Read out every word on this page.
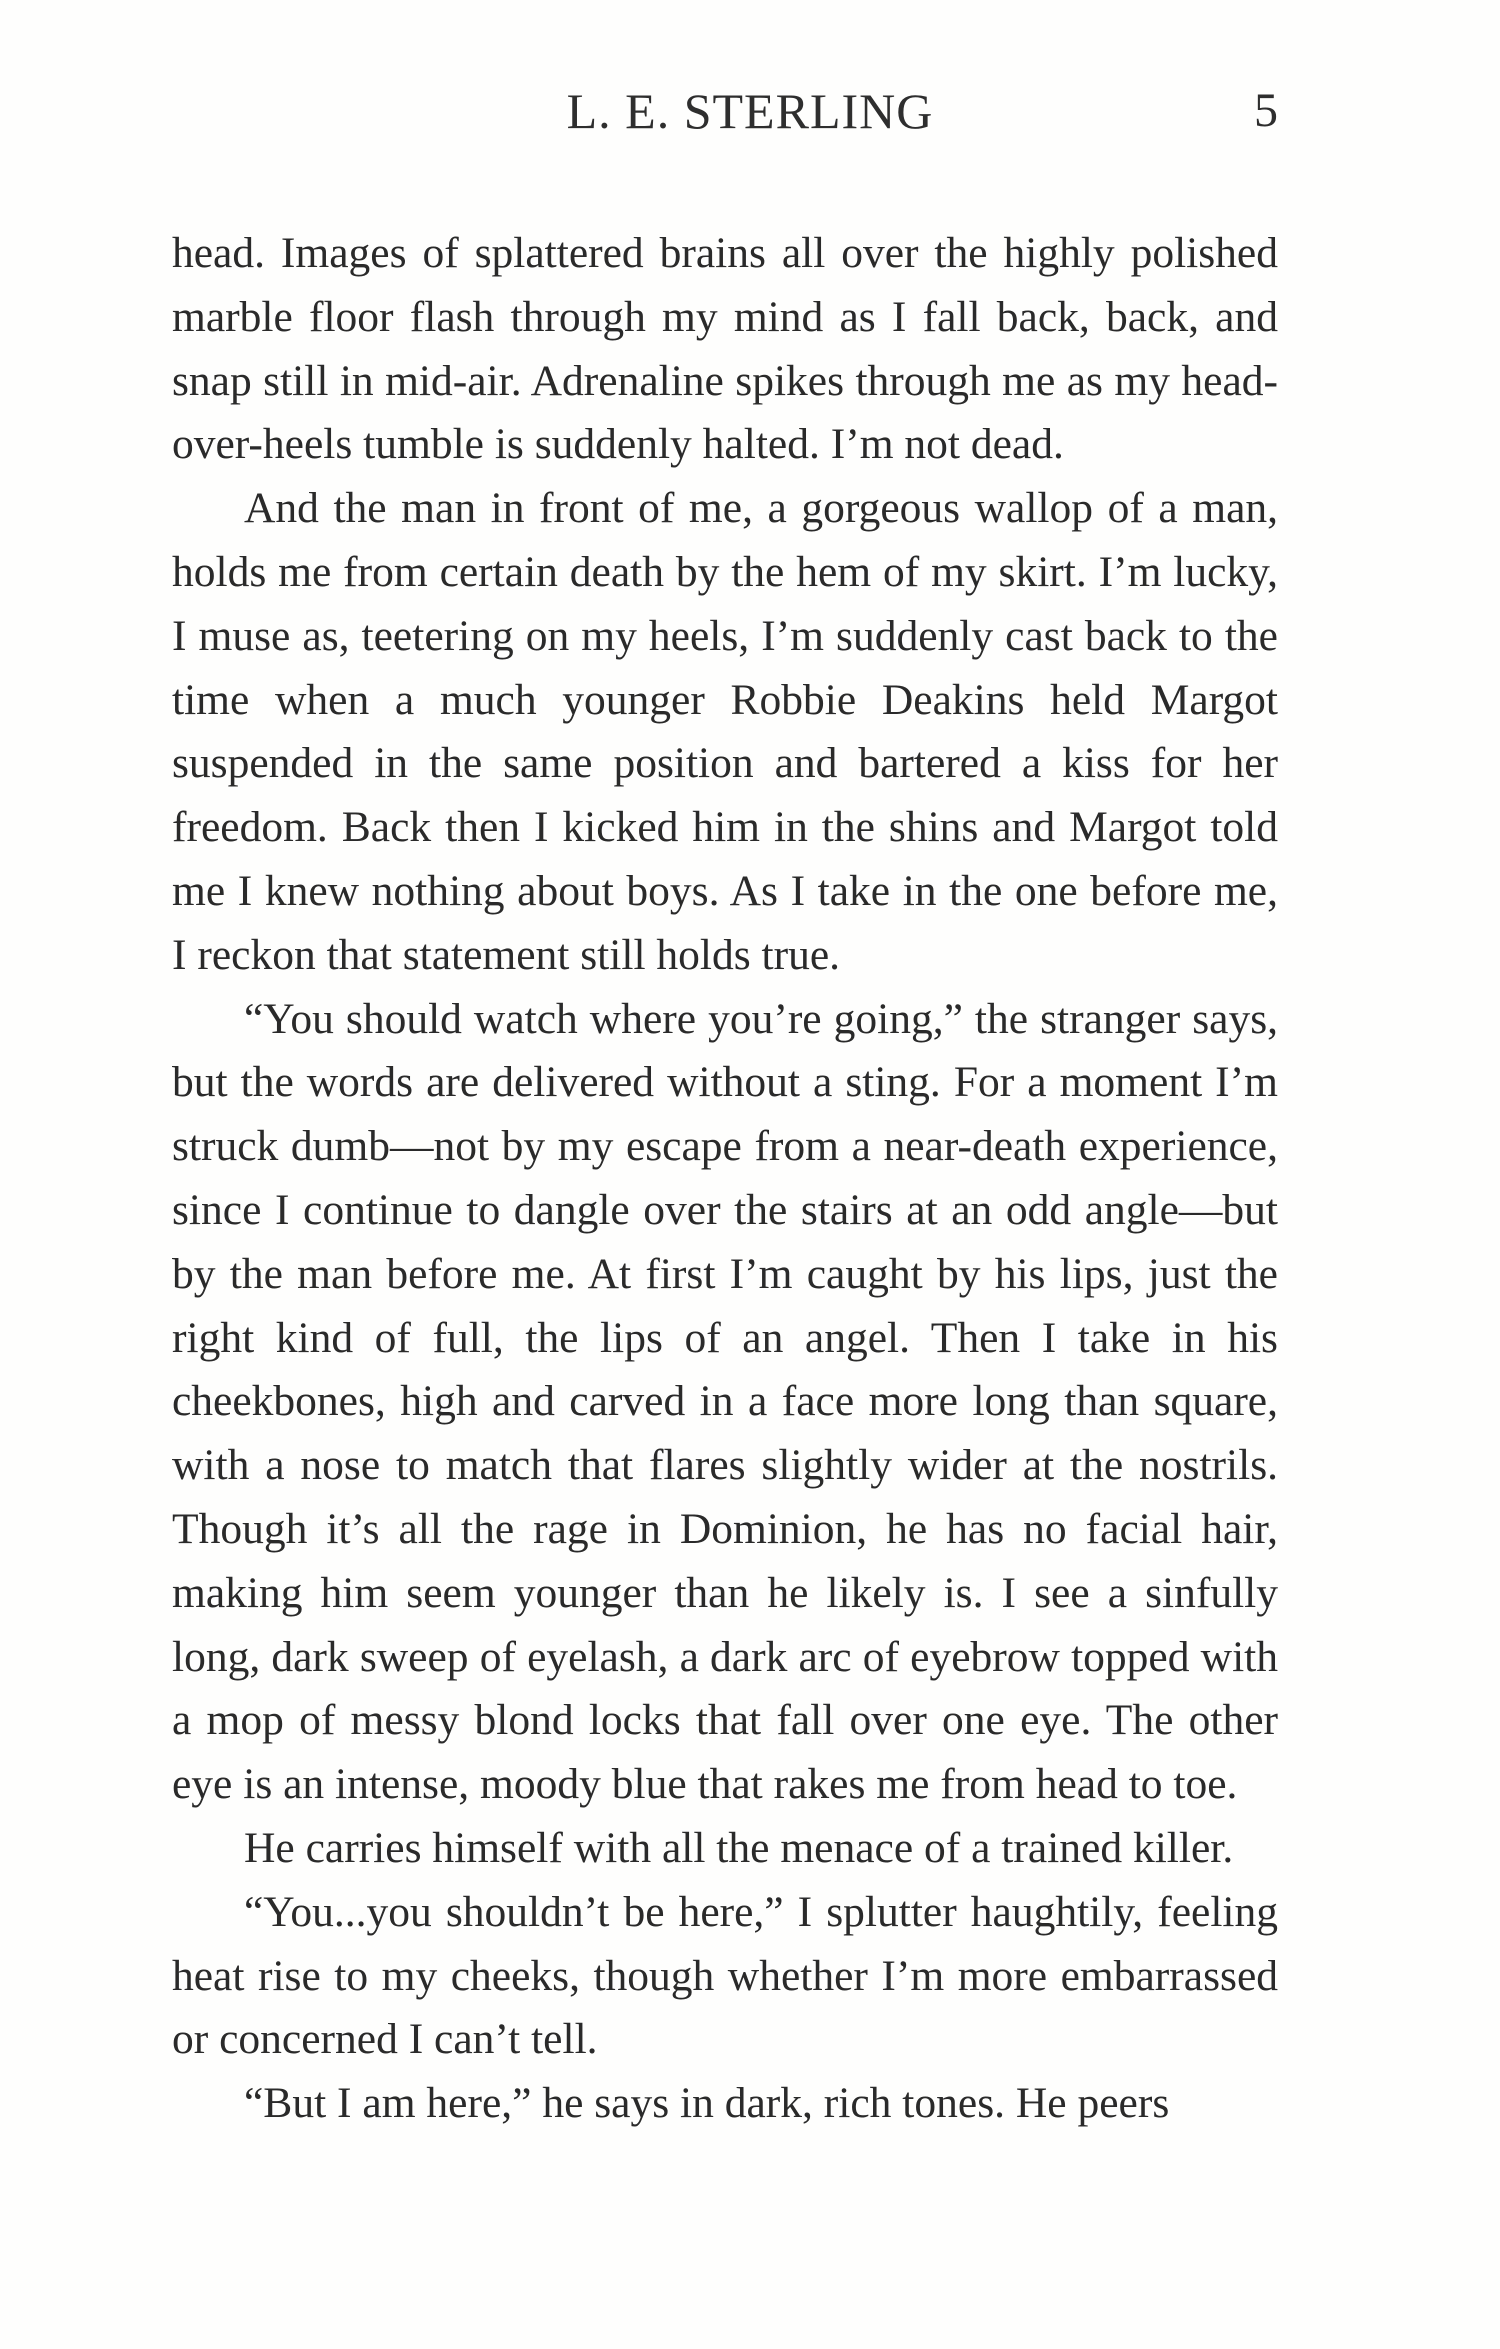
L. E. STERLING	5

head. Images of splattered brains all over the highly polished marble floor flash through my mind as I fall back, back, and snap still in mid-air. Adrenaline spikes through me as my head-over-heels tumble is suddenly halted. I’m not dead.

And the man in front of me, a gorgeous wallop of a man, holds me from certain death by the hem of my skirt. I’m lucky, I muse as, teetering on my heels, I’m suddenly cast back to the time when a much younger Robbie Deakins held Margot suspended in the same position and bartered a kiss for her freedom. Back then I kicked him in the shins and Margot told me I knew nothing about boys. As I take in the one before me, I reckon that statement still holds true.

“You should watch where you’re going,” the stranger says, but the words are delivered without a sting. For a moment I’m struck dumb—not by my escape from a near-death experience, since I continue to dangle over the stairs at an odd angle—but by the man before me. At first I’m caught by his lips, just the right kind of full, the lips of an angel. Then I take in his cheekbones, high and carved in a face more long than square, with a nose to match that flares slightly wider at the nostrils. Though it’s all the rage in Dominion, he has no facial hair, making him seem younger than he likely is. I see a sinfully long, dark sweep of eyelash, a dark arc of eyebrow topped with a mop of messy blond locks that fall over one eye. The other eye is an intense, moody blue that rakes me from head to toe.

He carries himself with all the menace of a trained killer.

“You...you shouldn’t be here,” I splutter haughtily, feeling heat rise to my cheeks, though whether I’m more embarrassed or concerned I can’t tell.

“But I am here,” he says in dark, rich tones. He peers
